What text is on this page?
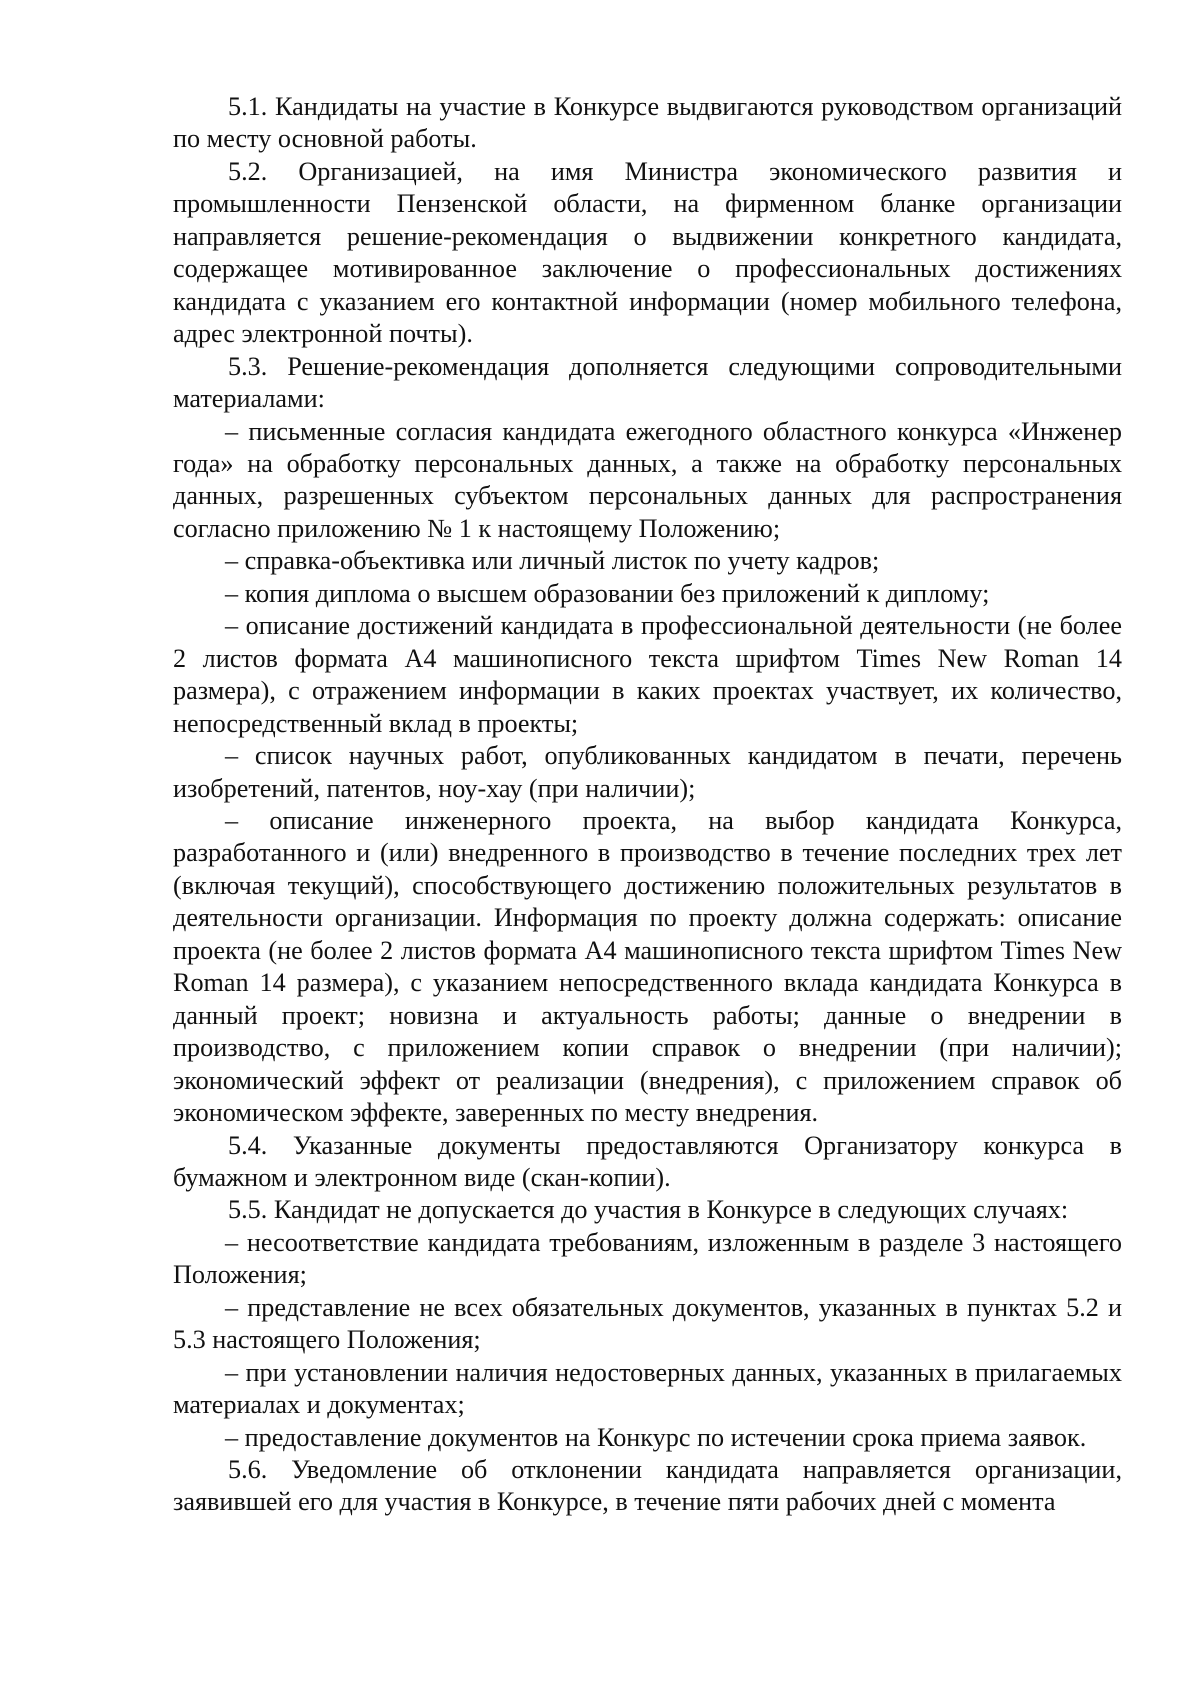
5.1. Кандидаты на участие в Конкурсе выдвигаются руководством организаций по месту основной работы.

5.2. Организацией, на имя Министра экономического развития и промышленности Пензенской области, на фирменном бланке организации направляется решение-рекомендация о выдвижении конкретного кандидата, содержащее мотивированное заключение о профессиональных достижениях кандидата с указанием его контактной информации (номер мобильного телефона, адрес электронной почты).

5.3. Решение-рекомендация дополняется следующими сопроводительными материалами:

– письменные согласия кандидата ежегодного областного конкурса «Инженер года» на обработку персональных данных, а также на обработку персональных данных, разрешенных субъектом персональных данных для распространения согласно приложению № 1 к настоящему Положению;

– справка-объективка или личный листок по учету кадров;

– копия диплома о высшем образовании без приложений к диплому;

– описание достижений кандидата в профессиональной деятельности (не более 2 листов формата А4 машинописного текста шрифтом Times New Roman 14 размера), с отражением информации в каких проектах участвует, их количество, непосредственный вклад в проекты;

– список научных работ, опубликованных кандидатом в печати, перечень изобретений, патентов, ноу-хау (при наличии);

– описание инженерного проекта, на выбор кандидата Конкурса, разработанного и (или) внедренного в производство в течение последних трех лет (включая текущий), способствующего достижению положительных результатов в деятельности организации. Информация по проекту должна содержать: описание проекта (не более 2 листов формата А4 машинописного текста шрифтом Times New Roman 14 размера), с указанием непосредственного вклада кандидата Конкурса в данный проект; новизна и актуальность работы; данные о внедрении в производство, с приложением копии справок о внедрении (при наличии); экономический эффект от реализации (внедрения), с приложением справок об экономическом эффекте, заверенных по месту внедрения.

5.4. Указанные документы предоставляются Организатору конкурса в бумажном и электронном виде (скан-копии).

5.5. Кандидат не допускается до участия в Конкурсе в следующих случаях:

– несоответствие кандидата требованиям, изложенным в разделе 3 настоящего Положения;

– представление не всех обязательных документов, указанных в пунктах 5.2 и 5.3 настоящего Положения;

– при установлении наличия недостоверных данных, указанных в прилагаемых материалах и документах;

– предоставление документов на Конкурс по истечении срока приема заявок.

5.6. Уведомление об отклонении кандидата направляется организации, заявившей его для участия в Конкурсе, в течение пяти рабочих дней с момента
